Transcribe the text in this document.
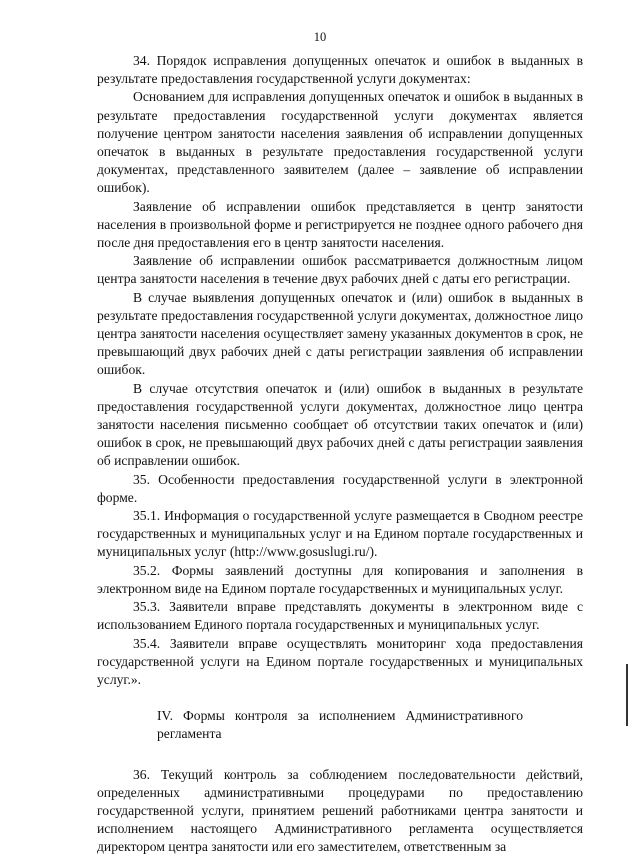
10

34. Порядок исправления допущенных опечаток и ошибок в выданных в результате предоставления государственной услуги документах:

Основанием для исправления допущенных опечаток и ошибок в выданных в результате предоставления государственной услуги документах является получение центром занятости населения заявления об исправлении допущенных опечаток в выданных в результате предоставления государственной услуги документах, представленного заявителем (далее – заявление об исправлении ошибок).

Заявление об исправлении ошибок представляется в центр занятости населения в произвольной форме и регистрируется не позднее одного рабочего дня после дня предоставления его в центр занятости населения.

Заявление об исправлении ошибок рассматривается должностным лицом центра занятости населения в течение двух рабочих дней с даты его регистрации.

В случае выявления допущенных опечаток и (или) ошибок в выданных в результате предоставления государственной услуги документах, должностное лицо центра занятости населения осуществляет замену указанных документов в срок, не превышающий двух рабочих дней с даты регистрации заявления об исправлении ошибок.

В случае отсутствия опечаток и (или) ошибок в выданных в результате предоставления государственной услуги документах, должностное лицо центра занятости населения письменно сообщает об отсутствии таких опечаток и (или) ошибок в срок, не превышающий двух рабочих дней с даты регистрации заявления об исправлении ошибок.

35. Особенности предоставления государственной услуги в электронной форме.

35.1. Информация о государственной услуге размещается в Сводном реестре государственных и муниципальных услуг и на Едином портале государственных и муниципальных услуг (http://www.gosuslugi.ru/).

35.2. Формы заявлений доступны для копирования и заполнения в электронном виде на Едином портале государственных и муниципальных услуг.

35.3. Заявители вправе представлять документы в электронном виде с использованием Единого портала государственных и муниципальных услуг.

35.4. Заявители вправе осуществлять мониторинг хода предоставления государственной услуги на Едином портале государственных и муниципальных услуг.».

IV. Формы контроля за исполнением Административного регламента

36. Текущий контроль за соблюдением последовательности действий, определенных административными процедурами по предоставлению государственной услуги, принятием решений работниками центра занятости и исполнением настоящего Административного регламента осуществляется директором центра занятости или его заместителем, ответственным за
